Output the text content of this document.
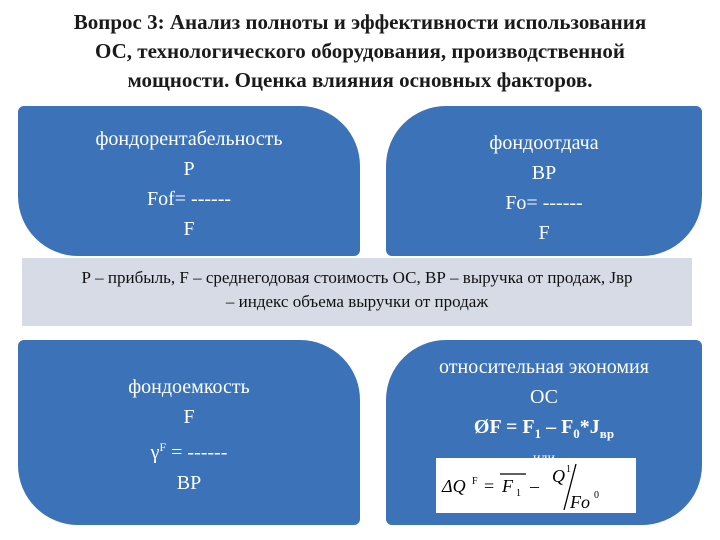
Вопрос 3: Анализ полноты и эффективности использования
ОС, технологического оборудования, производственной
мощности. Оценка влияния основных факторов.
фондорентабельность
Р
Fof= ------
F
фондоотдача
ВР
Fo= ------
F
Р – прибыль, F – среднегодовая стоимость ОС, ВР – выручка от продаж, Jвр
– индекс объема выручки от продаж
фондоемкость
F
$\gamma^F$ = ------
ВР
относительная экономия
ОС
ØF = $F_1 - F_0*J_{вр}$
ΔQ F = F 1 – Q 1
Fo 0
